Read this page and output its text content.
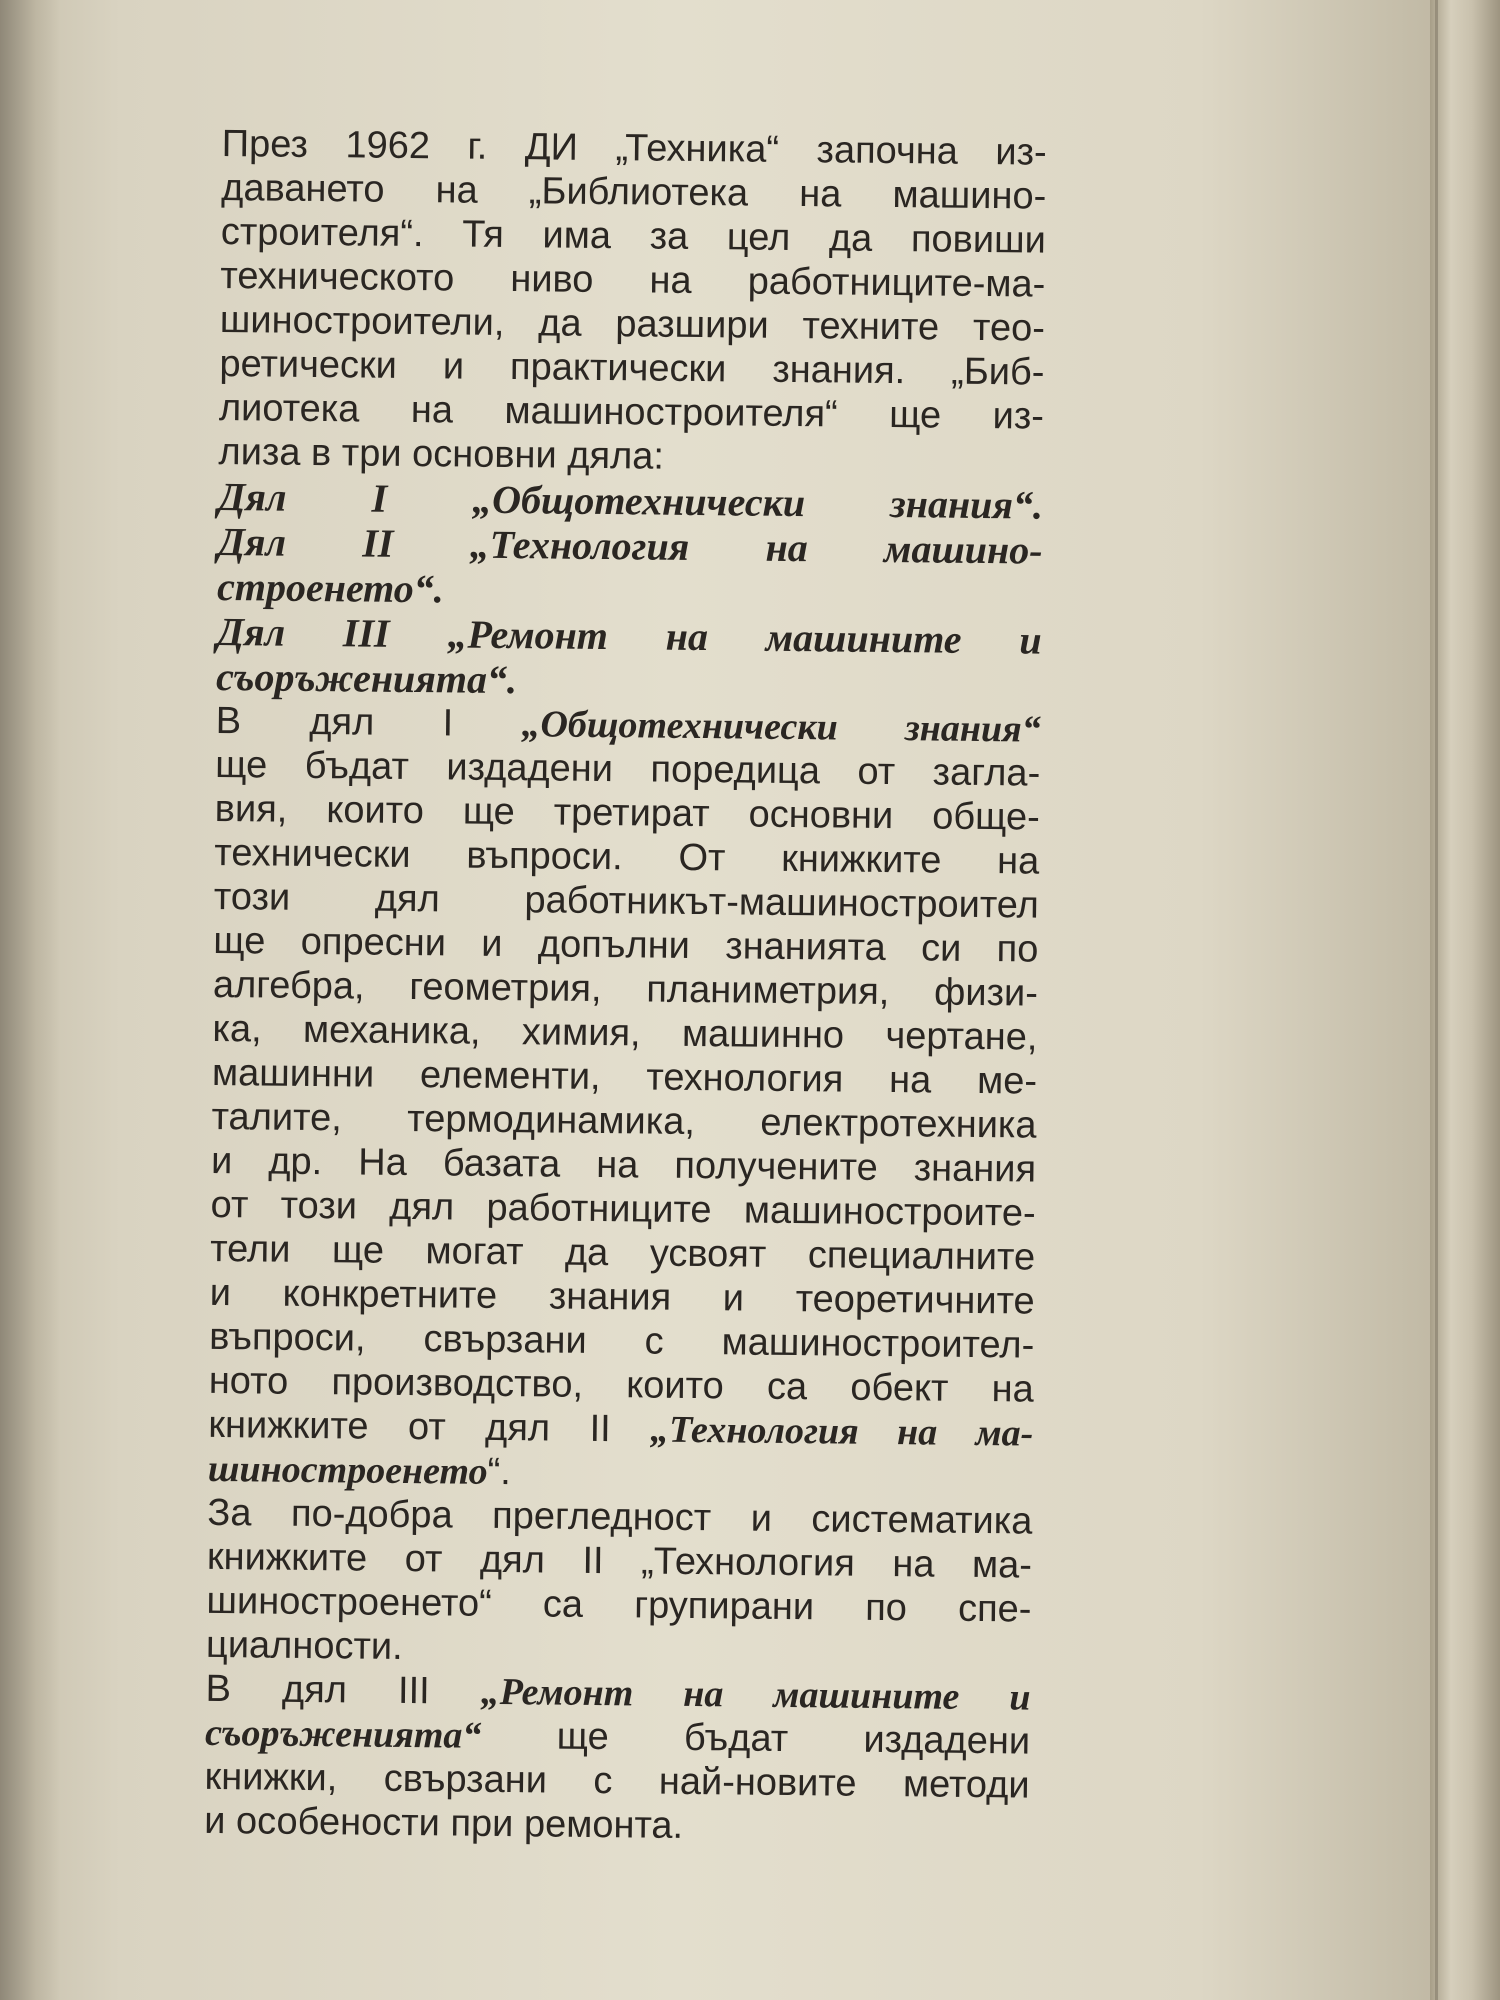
През 1962 г. ДИ „Техника“ започна из-
даването на „Библиотека на машино-
строителя“. Тя има за цел да повиши
техническото ниво на работниците-ма-
шиностроители, да разшири техните тео-
ретически и практически знания. „Биб-
лиотека на машиностроителя“ ще из-
лиза в три основни дяла:
Дял I „Общотехнически знания“.
Дял II „Технология на машино-
строенето“.
Дял III „Ремонт на машините и
съоръженията“.
В дял I „Общотехнически знания“
ще бъдат издадени поредица от загла-
вия, които ще третират основни обще-
технически въпроси. От книжките на
този дял работникът-машиностроител
ще опресни и допълни знанията си по
алгебра, геометрия, планиметрия, физи-
ка, механика, химия, машинно чертане,
машинни елементи, технология на ме-
талите, термодинамика, електротехника
и др. На базата на получените знания
от този дял работниците машиностроите-
тели ще могат да усвоят специалните
и конкретните знания и теоретичните
въпроси, свързани с машиностроител-
ното производство, които са обект на
книжките от дял II „Технология на ма-
шиностроенето“.
За по-добра прегледност и систематика
книжките от дял II „Технология на ма-
шиностроенето“ са групирани по спе-
циалности.
В дял III „Ремонт на машините и
съоръженията“ ще бъдат издадени
книжки, свързани с най-новите методи
и особености при ремонта.
